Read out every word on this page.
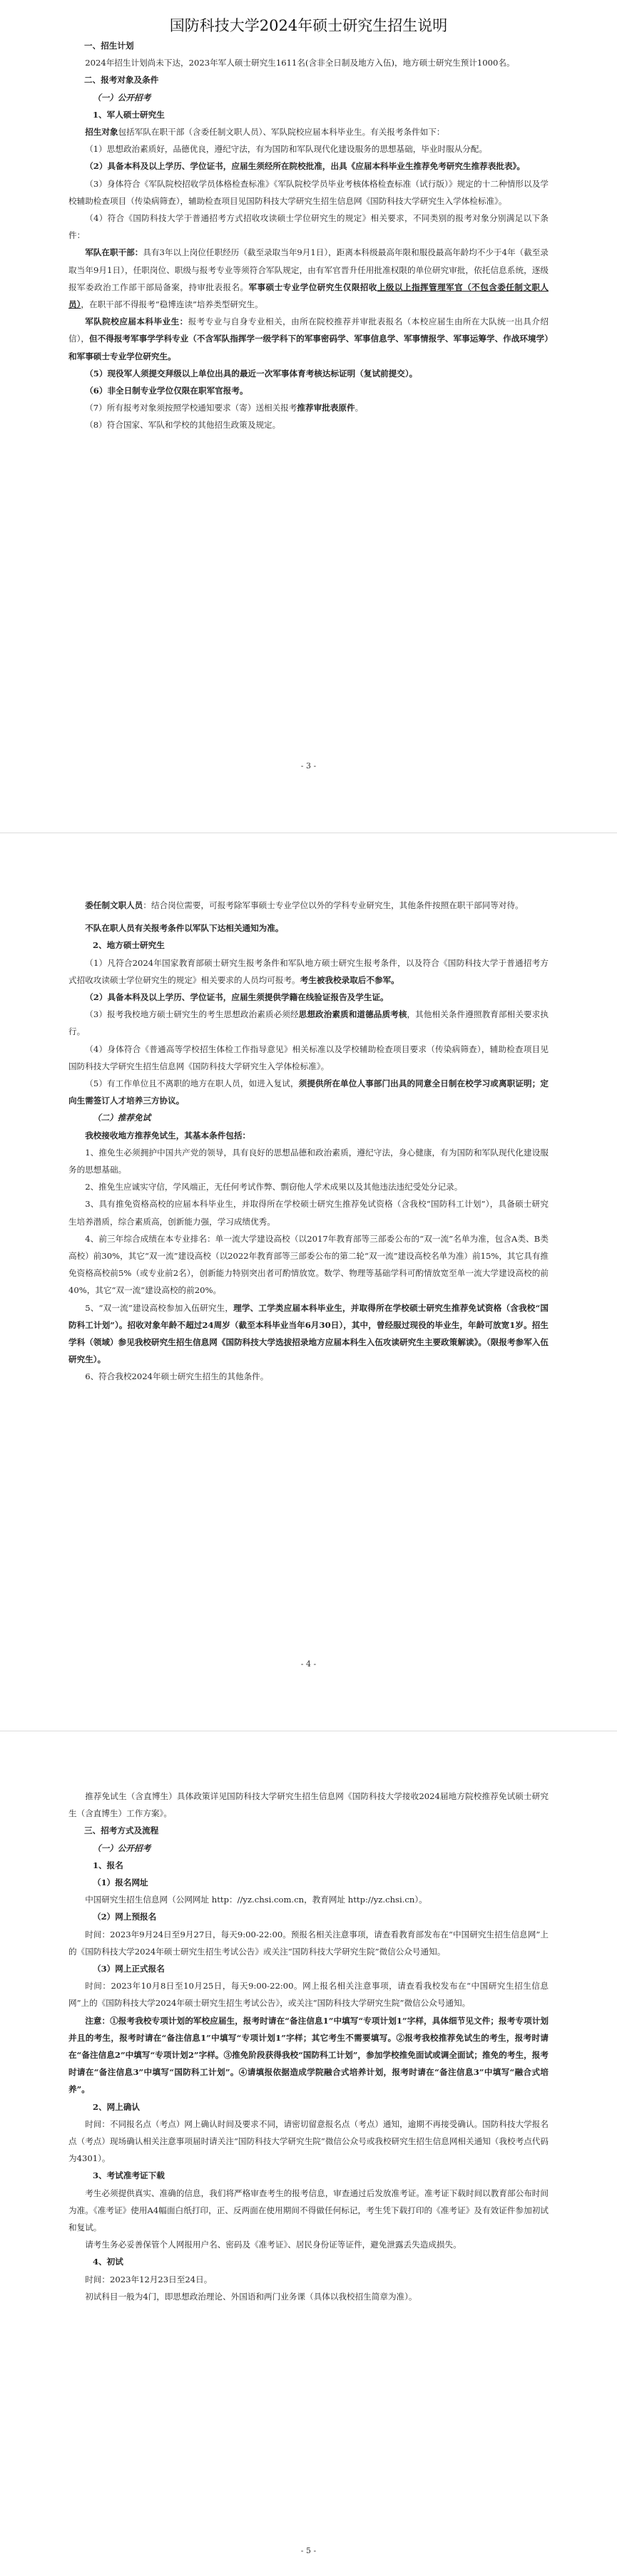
国防科技大学2024年硕士研究生招生说明

一、招生计划

2024年招生计划尚未下达，2023年军人硕士研究生1611名(含非全日制及地方入伍)，地方硕士研究生预计1000名。

二、报考对象及条件

（一）公开招考

1、军人硕士研究生

招生对象包括军队在职干部（含委任制文职人员）、军队院校应届本科毕业生。有关报考条件如下：

（1）思想政治素质好，品德优良，遵纪守法，有为国防和军队现代化建设服务的思想基础，毕业时服从分配。

（2）具备本科及以上学历、学位证书，应届生须经所在院校批准，出具《应届本科毕业生推荐免考研究生推荐表批表》。

（3）身体符合《军队院校招收学员体格检查标准》《军队院校学员毕业考核体格检查标准（试行版）》规定的十二种情形以及学校辅助检查项目（传染病筛查），辅助检查项目见国防科技大学研究生招生信息网《国防科技大学研究生入学体检标准》。

（4）符合《国防科技大学于普通招考方式招收攻读硕士学位研究生的规定》相关要求，不同类别的报考对象分别满足以下条件：

军队在职干部：具有3年以上岗位任职经历（截至录取当年9月1日），距离本科级最高年限和服役最高年龄均不少于4年（截至录取当年9月1日），任职岗位、职级与报考专业等须符合军队规定，由有军官晋升任用批准权限的单位研究审批，依托信息系统，逐级报军委政治工作部干部局备案，持审批表报名。军事硕士专业学位研究生仅限招收上级以上指挥管理军官（不包含委任制文职人员），在职干部不得报考“稳博连读”培养类型研究生。

军队院校应届本科毕业生：报考专业与自身专业相关，由所在院校推荐并审批表报名（本校应届生由所在大队统一出具介绍信），但不得报考军事学学科专业（不含军队指挥学一级学科下的军事密码学、军事信息学、军事情报学、军事运筹学、作战环境学）和军事硕士专业学位研究生。

（5）现役军人须提交拜级以上单位出具的最近一次军事体育考核达标证明（复试前提交）。

（6）非全日制专业学位仅限在职军官报考。

（7）所有报考对象须按照学校通知要求（寄）送相关报考推荐审批表原件。

（8）符合国家、军队和学校的其他招生政策及规定。

- 3 -

委任制文职人员：结合岗位需要，可报考除军事硕士专业学位以外的学科专业研究生，其他条件按照在职干部同等对待。

不队在职人员有关报考条件以军队下达相关通知为准。

2、地方硕士研究生

（1）凡符合2024年国家教育部硕士研究生报考条件和军队地方硕士研究生报考条件，以及符合《国防科技大学于普通招考方式招收攻读硕士学位研究生的规定》相关要求的人员均可报考。考生被我校录取后不参军。

（2）具备本科及以上学历、学位证书，应届生须提供学籍在线验证报告及学生证。

（3）报考我校地方硕士研究生的考生思想政治素质必须经思想政治素质和道德品质考核，其他相关条件遵照教育部相关要求执行。

（4）身体符合《普通高等学校招生体检工作指导意见》相关标准以及学校辅助检查项目要求（传染病筛查），辅助检查项目见国防科技大学研究生招生信息网《国防科技大学研究生入学体检标准》。

（5）有工作单位且不离职的地方在职人员，如进入复试，须提供所在单位人事部门出具的同意全日制在校学习或离职证明；定向生需签订人才培养三方协议。

（二）推荐免试

我校接收地方推荐免试生，其基本条件包括：

1、推免生必须拥护中国共产党的领导，具有良好的思想品德和政治素质，遵纪守法，身心健康，有为国防和军队现代化建设服务的思想基础。

2、推免生应诚实守信，学风端正，无任何考试作弊、剽窃他人学术成果以及其他违法违纪受处分记录。

3、具有推免资格高校的应届本科毕业生，并取得所在学校硕士研究生推荐免试资格（含我校“国防科工计划”），具备硕士研究生培养潜质，综合素质高，创新能力强，学习成绩优秀。

4、前三年综合成绩在本专业排名：单一流大学建设高校（以2017年教育部等三部委公布的“双一流”名单为准，包含A类、B类高校）前30%，其它“双一流”建设高校（以2022年教育部等三部委公布的第二轮“双一流”建设高校名单为准）前15%，其它具有推免资格高校前5%（或专业前2名），创新能力特别突出者可酌情放宽。数学、物理等基础学科可酌情放宽至单一流大学建设高校的前40%，其它“双一流”建设高校的前20%。

5、“双一流”建设高校参加入伍研究生，理学、工学类应届本科毕业生，并取得所在学校硕士研究生推荐免试资格（含我校“国防科工计划”）。招收对象年龄不超过24周岁（截至本科毕业当年6月30日），其中，曾经服过现役的毕业生，年龄可放宽1岁。招生学科（领域）参见我校研究生招生信息网《国防科技大学选拔招录地方应届本科生入伍攻读研究生主要政策解读》。（限报考参军入伍研究生）。

6、符合我校2024年硕士研究生招生的其他条件。

- 4 -

推荐免试生（含直博生）具体政策详见国防科技大学研究生招生信息网《国防科技大学接收2024届地方院校推荐免试硕士研究生（含直博生）工作方案》。

三、招考方式及流程

（一）公开招考

1、报名

（1）报名网址

中国研究生招生信息网（公网网址 http：//yz.chsi.com.cn，教育网址 http://yz.chsi.cn）。

（2）网上预报名

时间：2023年9月24日至9月27日，每天9:00-22:00。预报名相关注意事项，请查看教育部发布在“中国研究生招生信息网”上的《国防科技大学2024年硕士研究生招生考试公告》或关注“国防科技大学研究生院”微信公众号通知。

（3）网上正式报名

时间：2023年10月8日至10月25日，每天9:00-22:00。网上报名相关注意事项，请查看我校发布在“中国研究生招生信息网”上的《国防科技大学2024年硕士研究生招生考试公告》，或关注“国防科技大学研究生院”微信公众号通知。

注意：①报考我校专项计划的军校应届生，报考时请在“备注信息1”中填写“专项计划1”字样，具体细节见文件；报考专项计划并且的考生，报考时请在“备注信息1”中填写“专项计划1”字样；其它考生不需要填写。②报考我校推荐免试生的考生，报考时请在“备注信息2”中填写“专项计划2”字样。③推免阶段获得我校“国防科工计划”，参加学校推免面试或调全面试；推免的考生，报考时请在“备注信息3”中填写“国防科工计划”。④请填报依据造成学院融合式培养计划，报考时请在“备注信息3”中填写“融合式培养”。

2、网上确认

时间：不同报名点（考点）网上确认时间及要求不同，请密切留意报名点（考点）通知，逾期不再接受确认。国防科技大学报名点（考点）现场确认相关注意事项届时请关注“国防科技大学研究生院”微信公众号或我校研究生招生信息网相关通知（我校考点代码为4301）。

3、考试准考证下载

考生必须提供真实、准确的信息，我们将严格审查考生的报考信息，审查通过后发放准考证。准考证下载时间以教育部公布时间为准。《准考证》使用A4幅面白纸打印，正、反两面在使用期间不得做任何标记，考生凭下载打印的《准考证》及有效证件参加初试和复试。

请考生务必妥善保管个人网报用户名、密码及《准考证》、居民身份证等证件，避免泄露丢失造成损失。

4、初试

时间：2023年12月23日至24日。

初试科目一般为4门，即思想政治理论、外国语和两门业务课（具体以我校招生简章为准）。

- 5 -
